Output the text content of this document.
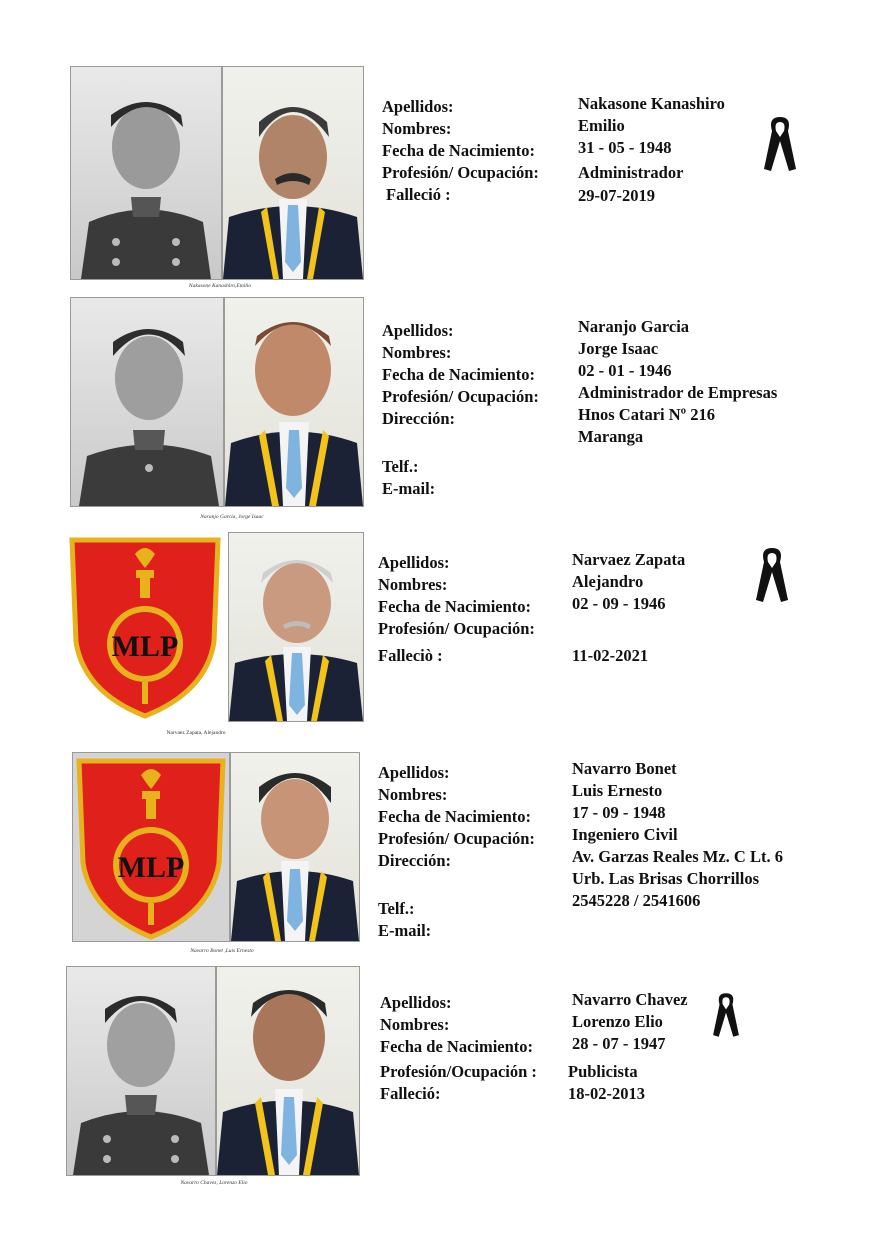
Nakasone Kanashiro,Emilio
Apellidos:
Nombres:
Fecha de Nacimiento:
Profesión/ Ocupación:
Falleció :
Nakasone Kanashiro
Emilio
31 - 05 - 1948
Administrador
29-07-2019
Naranjo Garcia, Jorge Isaac
Apellidos:
Nombres:
Fecha de Nacimiento:
Profesión/ Ocupación:
Dirección:
Telf.:
E-mail:
Naranjo Garcia
Jorge Isaac
02 - 01 - 1946
Administrador de Empresas
Hnos Catari Nº 216
Maranga
MLP
Narvaez Zapata, Alejandro
Apellidos:
Nombres:
Fecha de Nacimiento:
Profesión/ Ocupación:
Falleciò :
Narvaez Zapata
Alejandro
02 - 09 - 1946
11-02-2021
MLP
Navarro Bonet ,Luis Ernesto
Apellidos:
Nombres:
Fecha de Nacimiento:
Profesión/ Ocupación:
Dirección:
Telf.:
E-mail:
Navarro Bonet
Luis Ernesto
17 - 09 - 1948
Ingeniero Civil
Av. Garzas Reales Mz. C Lt. 6
Urb. Las Brisas Chorrillos
2545228 / 2541606
Navarro Chavez, Lorenzo Elio
Apellidos:
Nombres:
Fecha de Nacimiento:
Profesión/Ocupación :
Falleció:
Navarro Chavez
Lorenzo Elio
28 - 07 - 1947
Publicista
18-02-2013
